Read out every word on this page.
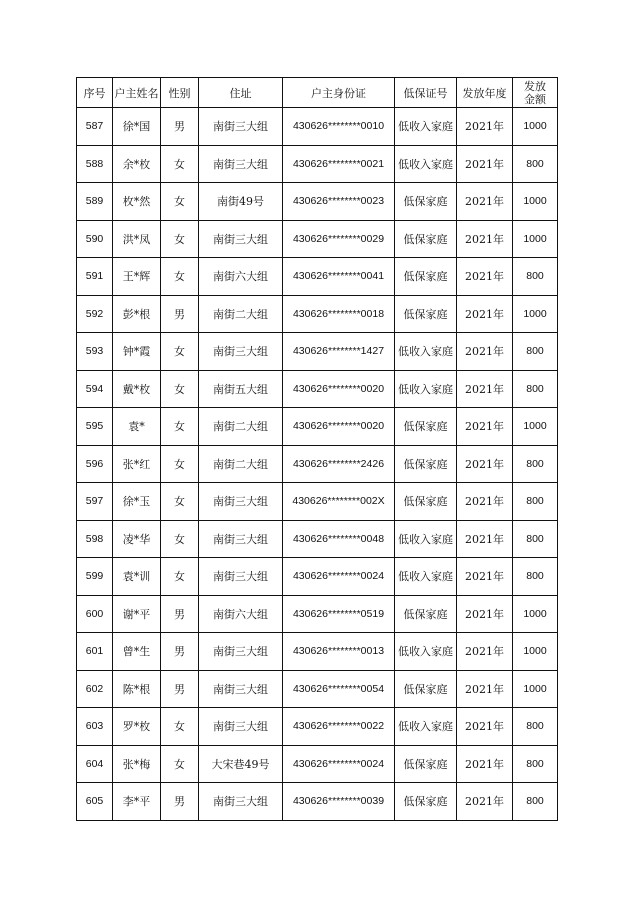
序号	户主姓名	性别	住址	户主身份证	低保证号	发放年度	发放
金额
587	徐*国	男	南街三大组	430626********0010	低收入家庭	2021年	1000
588	余*枚	女	南街三大组	430626********0021	低收入家庭	2021年	800
589	枚*然	女	南街49号	430626********0023	低保家庭	2021年	1000
590	洪*凤	女	南街三大组	430626********0029	低保家庭	2021年	1000
591	王*辉	女	南街六大组	430626********0041	低保家庭	2021年	800
592	彭*根	男	南街二大组	430626********0018	低保家庭	2021年	1000
593	钟*霞	女	南街三大组	430626********1427	低收入家庭	2021年	800
594	戴*枚	女	南街五大组	430626********0020	低收入家庭	2021年	800
595	袁*	女	南街二大组	430626********0020	低保家庭	2021年	1000
596	张*红	女	南街二大组	430626********2426	低保家庭	2021年	800
597	徐*玉	女	南街三大组	430626********002X	低保家庭	2021年	800
598	凌*华	女	南街三大组	430626********0048	低收入家庭	2021年	800
599	袁*训	女	南街三大组	430626********0024	低收入家庭	2021年	800
600	谢*平	男	南街六大组	430626********0519	低保家庭	2021年	1000
601	曾*生	男	南街三大组	430626********0013	低收入家庭	2021年	1000
602	陈*根	男	南街三大组	430626********0054	低保家庭	2021年	1000
603	罗*枚	女	南街三大组	430626********0022	低收入家庭	2021年	800
604	张*梅	女	大宋巷49号	430626********0024	低保家庭	2021年	800
605	李*平	男	南街三大组	430626********0039	低保家庭	2021年	800
